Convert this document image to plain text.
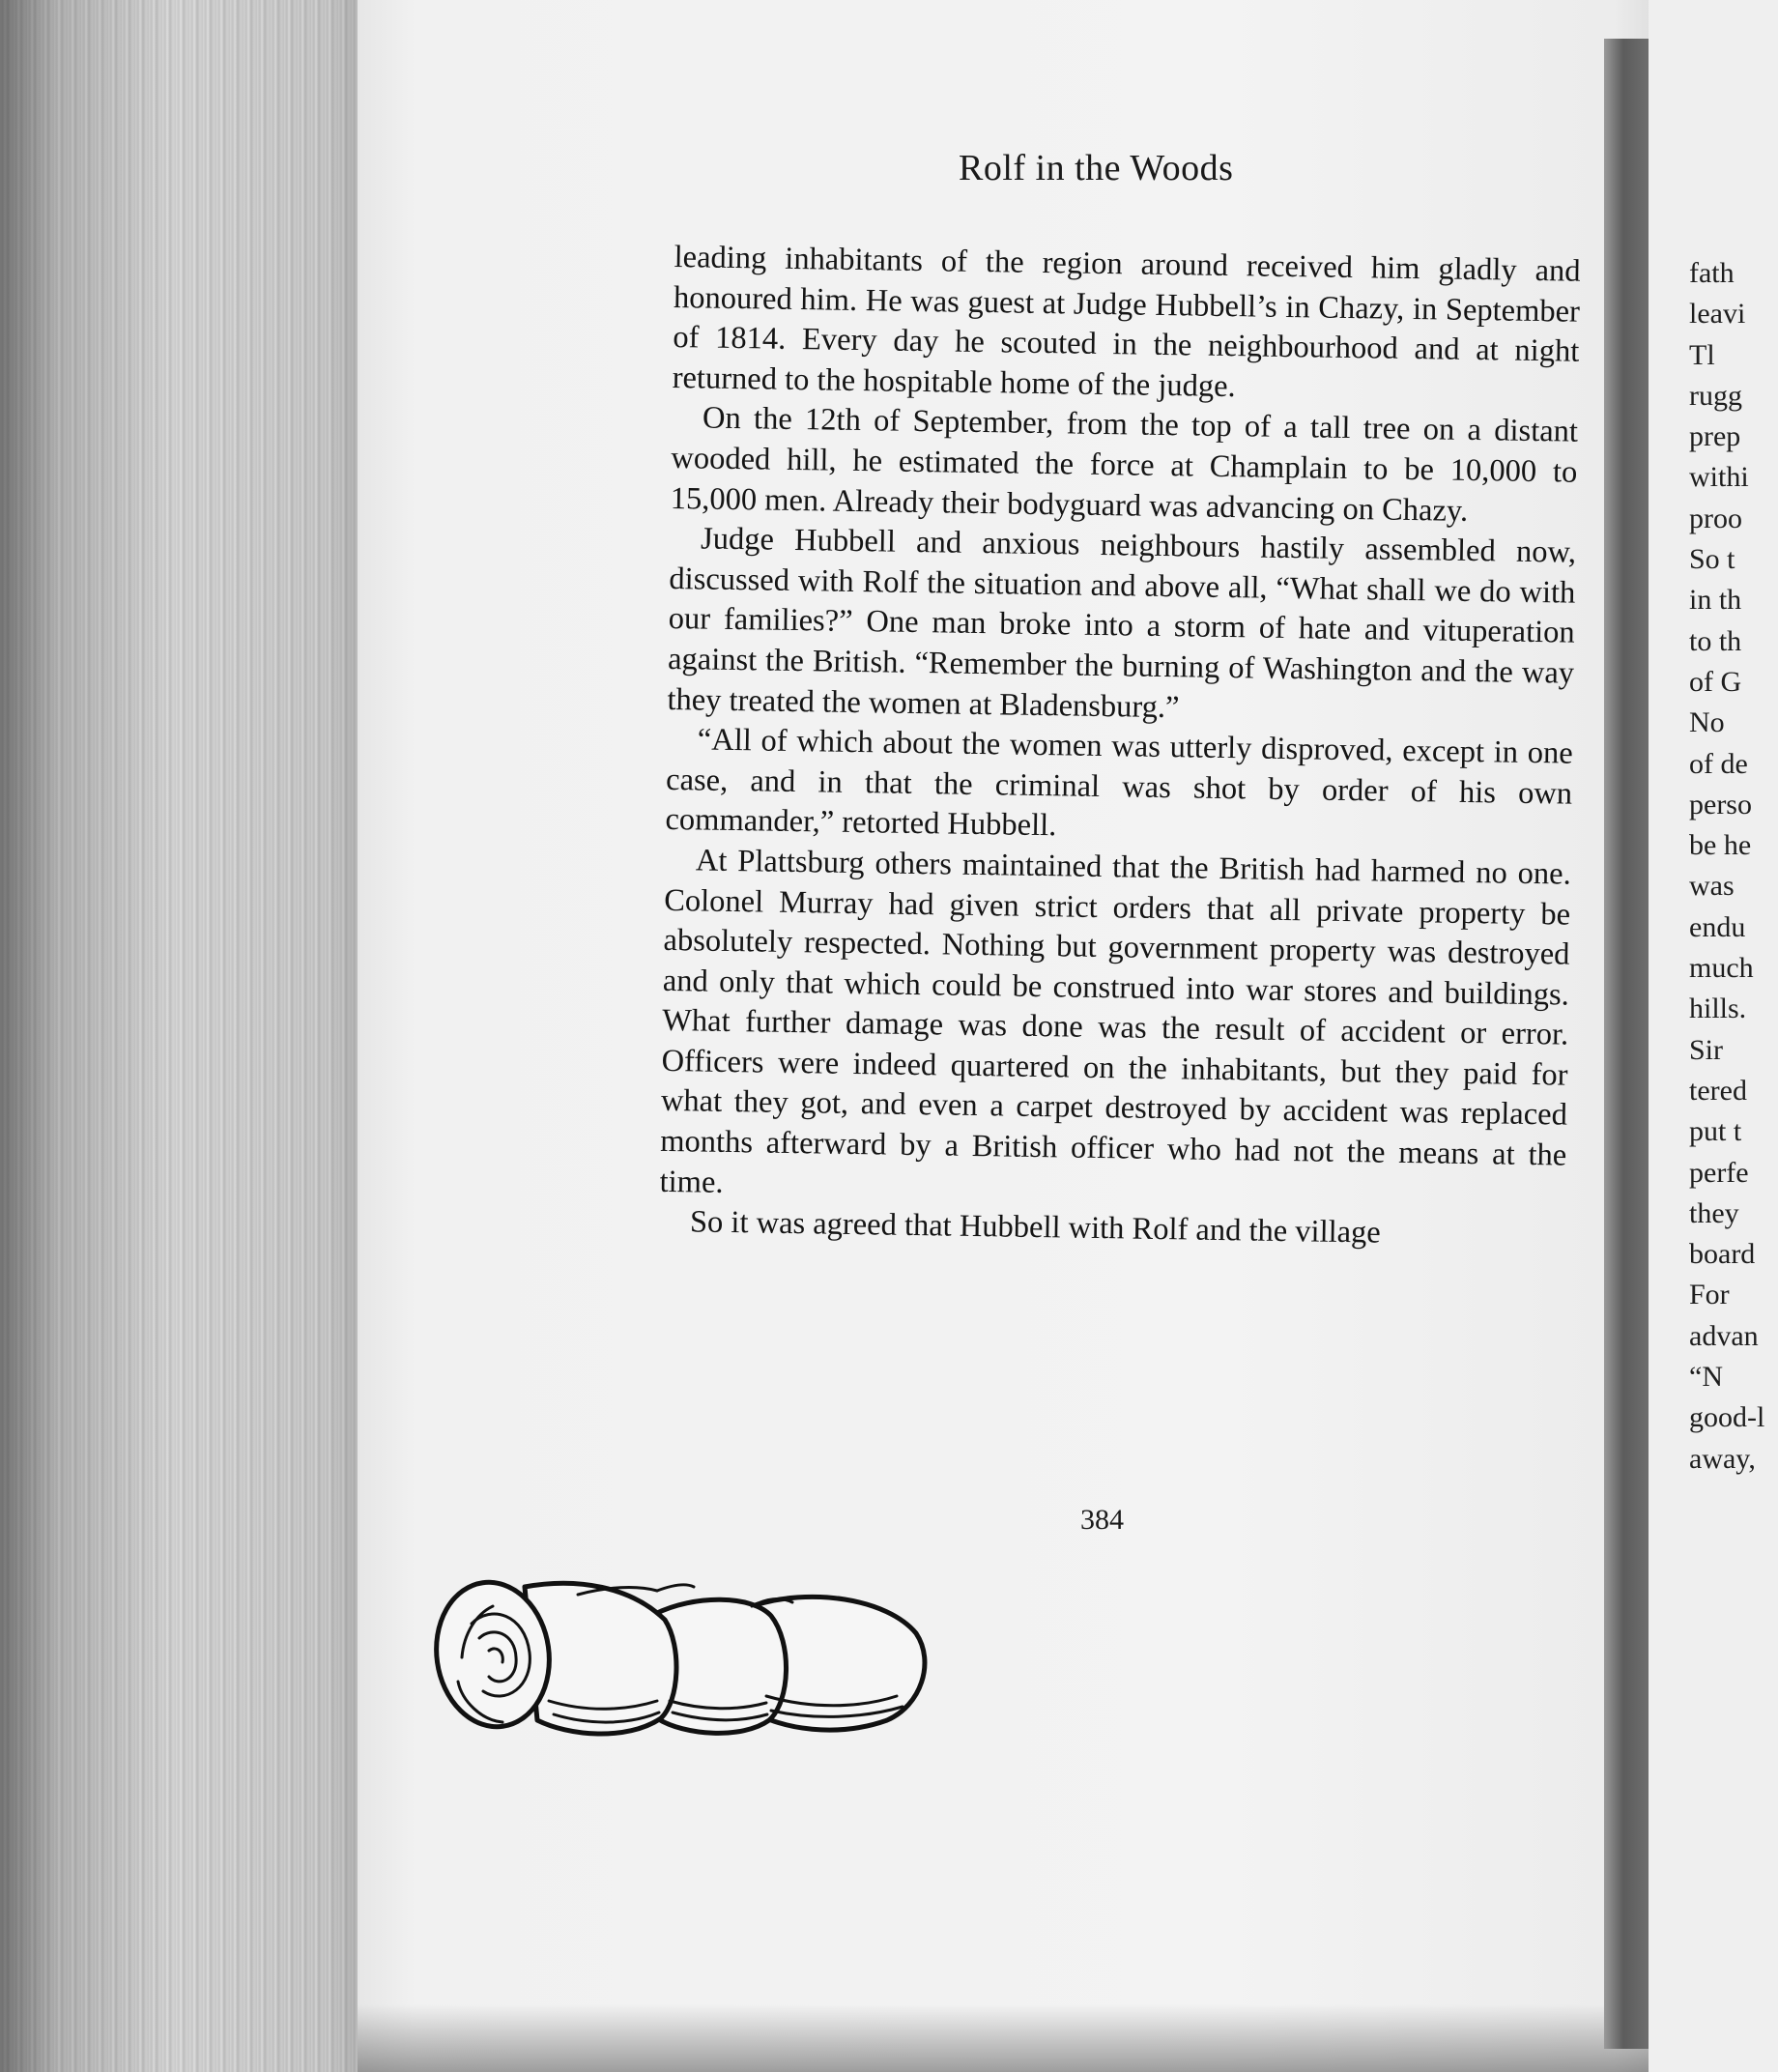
Rolf in the Woods

leading inhabitants of the region around received him gladly and honoured him. He was guest at Judge Hubbell’s in Chazy, in September of 1814. Every day he scouted in the neighbourhood and at night returned to the hospitable home of the judge.

On the 12th of September, from the top of a tall tree on a distant wooded hill, he estimated the force at Champlain to be 10,000 to 15,000 men. Already their bodyguard was advancing on Chazy.

Judge Hubbell and anxious neighbours hastily assembled now, discussed with Rolf the situation and above all, “What shall we do with our families?” One man broke into a storm of hate and vituperation against the British. “Remember the burning of Washington and the way they treated the women at Bladensburg.”

“All of which about the women was utterly disproved, except in one case, and in that the criminal was shot by order of his own commander,” retorted Hubbell.

At Plattsburg others maintained that the British had harmed no one. Colonel Murray had given strict orders that all private property be absolutely respected. Nothing but government property was destroyed and only that which could be construed into war stores and buildings. What further damage was done was the result of accident or error. Officers were indeed quartered on the inhabitants, but they paid for what they got, and even a carpet destroyed by accident was replaced months afterward by a British officer who had not the means at the time.

So it was agreed that Hubbell with Rolf and the village

384
fath
leavi
Tl
rugg
prep
withi
proo
So t
in th
to th
of G
No
of de
perso
be he
was
endu
much
hills.
Sir
tered
put t
perfe
they
board
For
advan
“N
good-l
away,
